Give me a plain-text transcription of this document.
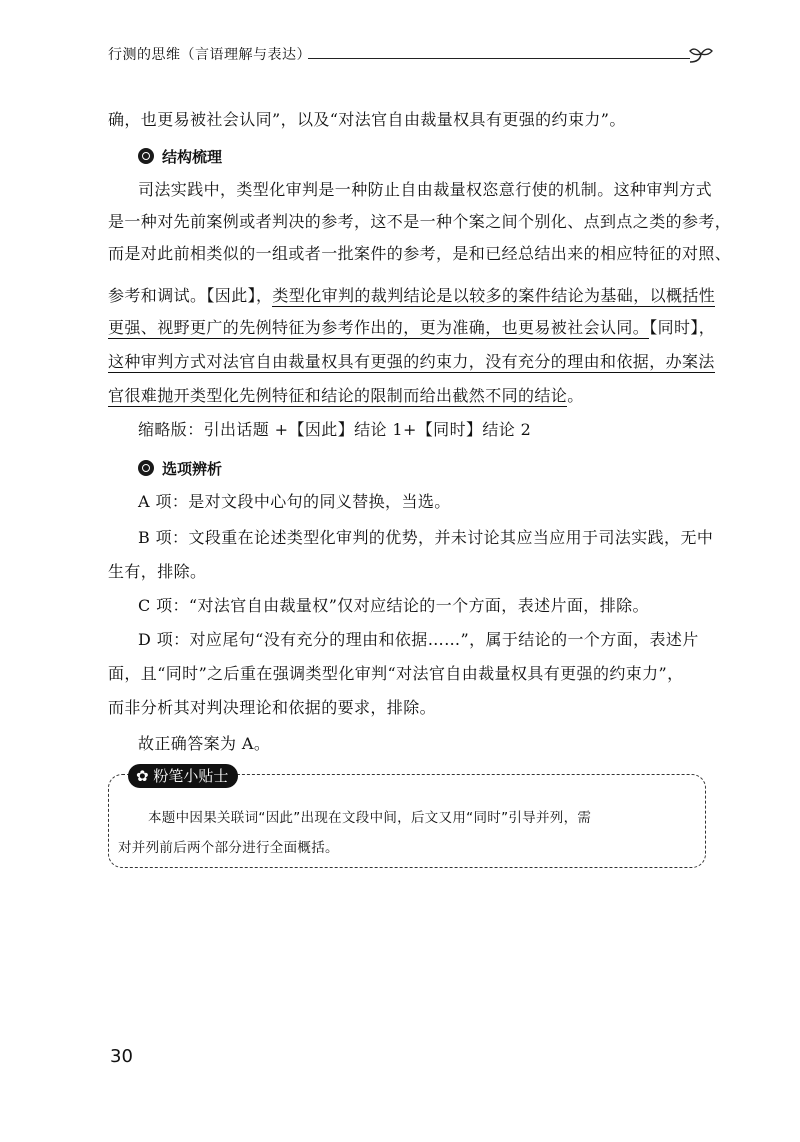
行测的思维（言语理解与表达）
确，也更易被社会认同”，以及“对法官自由裁量权具有更强的约束力”。
结构梳理
司法实践中，类型化审判是一种防止自由裁量权恣意行使的机制。这种审判方式
是一种对先前案例或者判决的参考，这不是一种个案之间个别化、点到点之类的参考，
而是对此前相类似的一组或者一批案件的参考，是和已经总结出来的相应特征的对照、
参考和调试。【因此】，类型化审判的裁判结论是以较多的案件结论为基础，以概括性
更强、视野更广的先例特征为参考作出的，更为准确，也更易被社会认同。【同时】，
这种审判方式对法官自由裁量权具有更强的约束力，没有充分的理由和依据，办案法
官很难抛开类型化先例特征和结论的限制而给出截然不同的结论。
缩略版：引出话题 +【因此】结论 1+【同时】结论 2
选项辨析
A 项：是对文段中心句的同义替换，当选。
B 项：文段重在论述类型化审判的优势，并未讨论其应当应用于司法实践，无中
生有，排除。
C 项：“对法官自由裁量权”仅对应结论的一个方面，表述片面，排除。
D 项：对应尾句“没有充分的理由和依据……”，属于结论的一个方面，表述片
面，且“同时”之后重在强调类型化审判“对法官自由裁量权具有更强的约束力”，
而非分析其对判决理论和依据的要求，排除。
故正确答案为 A。
✿ 粉笔小贴士
本题中因果关联词“因此”出现在文段中间，后文又用“同时”引导并列，需
对并列前后两个部分进行全面概括。
30
